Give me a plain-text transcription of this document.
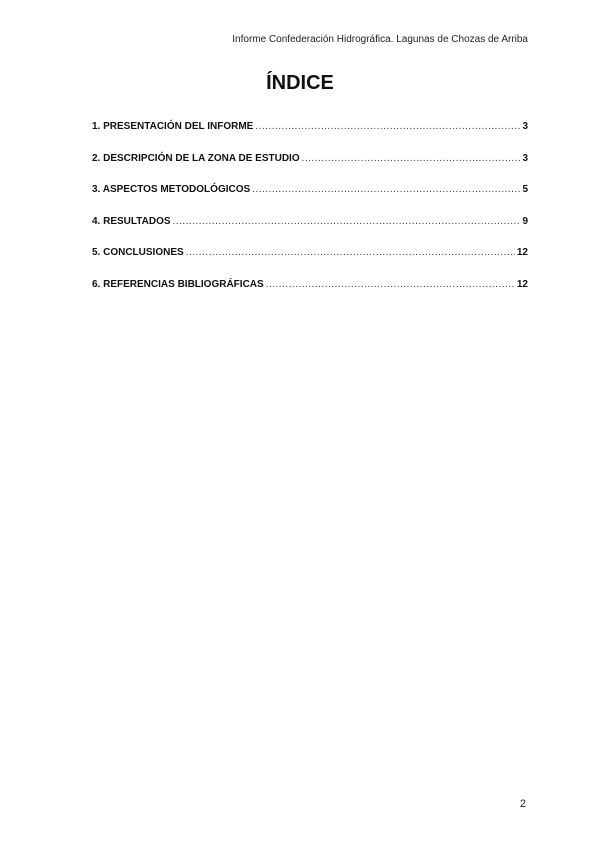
Informe Confederación Hidrográfica. Lagunas de Chozas de Arriba
ÍNDICE
1. PRESENTACIÓN DEL INFORME .....	3
2. DESCRIPCIÓN DE LA ZONA DE ESTUDIO .....	3
3. ASPECTOS METODOLÓGICOS .....	5
4. RESULTADOS .....	9
5. CONCLUSIONES .....	12
6. REFERENCIAS BIBLIOGRÁFICAS .....	12
2
